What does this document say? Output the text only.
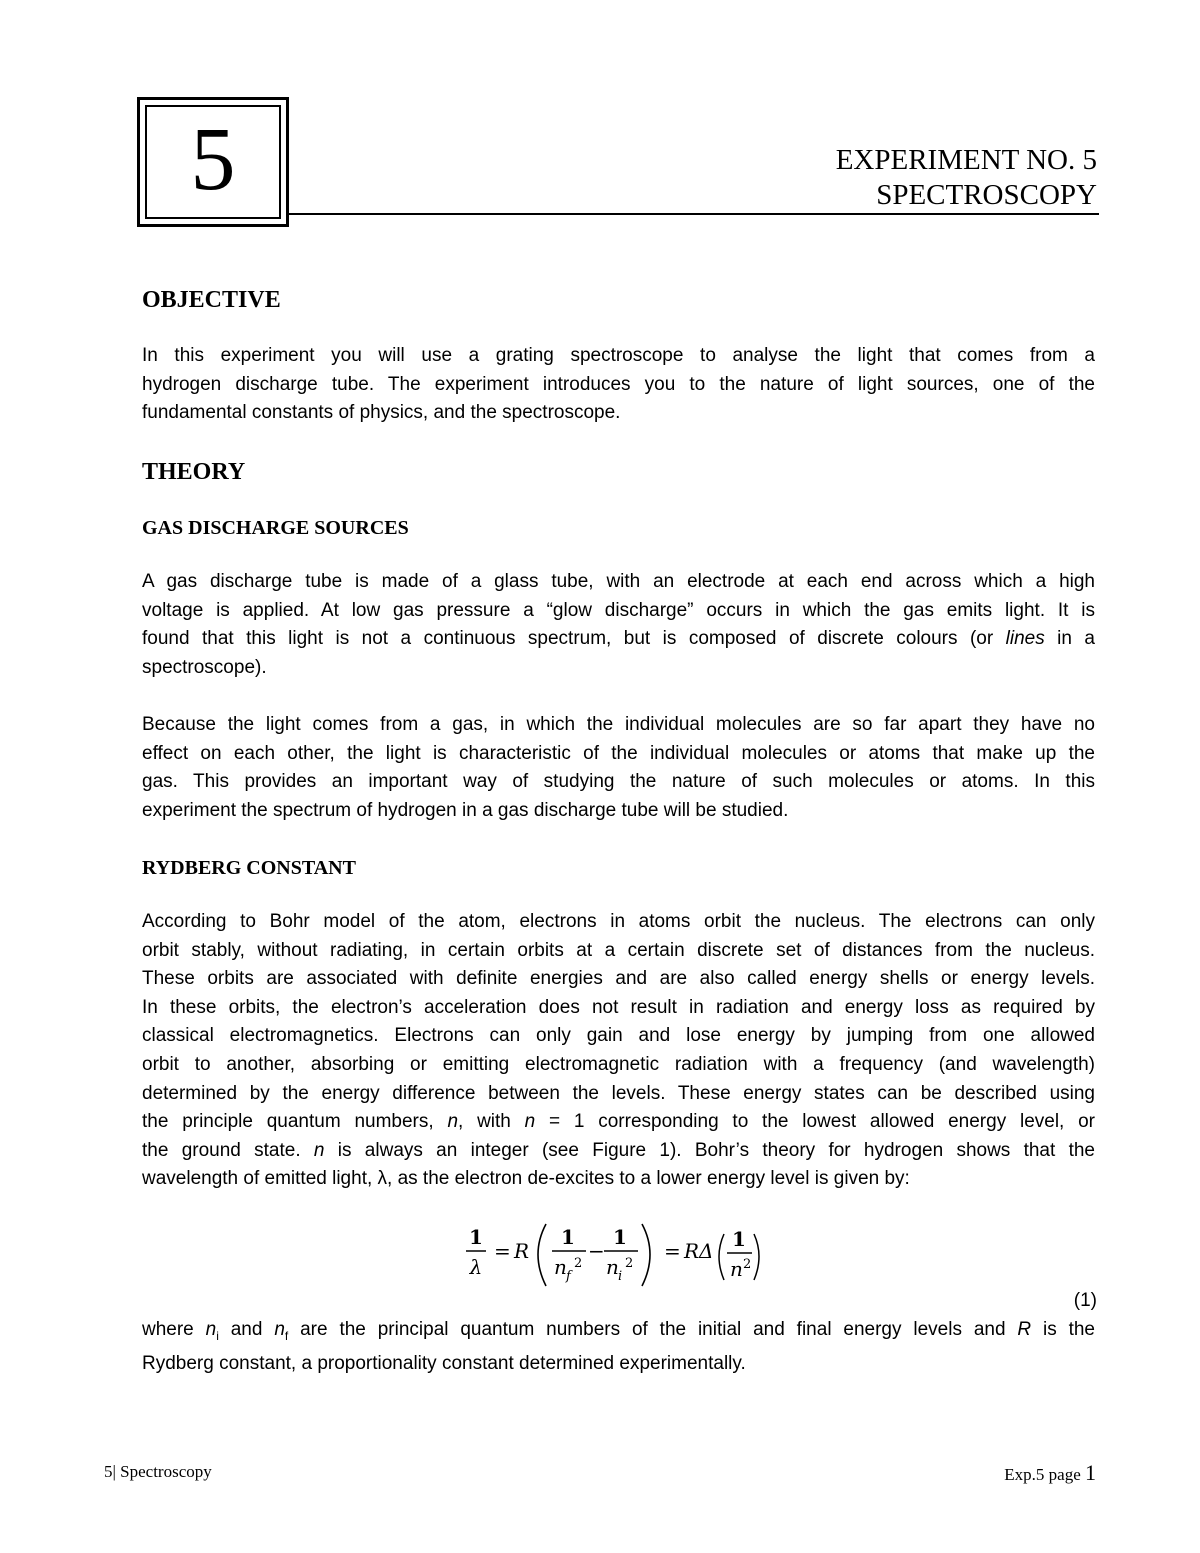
5	EXPERIMENT NO. 5
SPECTROSCOPY
OBJECTIVE
In this experiment you will use a grating spectroscope to analyse the light that comes from a
hydrogen discharge tube. The experiment introduces you to the nature of light sources, one of the
fundamental constants of physics, and the spectroscope.
THEORY
GAS DISCHARGE SOURCES
A gas discharge tube is made of a glass tube, with an electrode at each end across which a high
voltage is applied. At low gas pressure a “glow discharge” occurs in which the gas emits light. It is
found that this light is not a continuous spectrum, but is composed of discrete colours (or lines in a
spectroscope).
Because the light comes from a gas, in which the individual molecules are so far apart they have no
effect on each other, the light is characteristic of the individual molecules or atoms that make up the
gas. This provides an important way of studying the nature of such molecules or atoms. In this
experiment the spectrum of hydrogen in a gas discharge tube will be studied.
RYDBERG CONSTANT
According to Bohr model of the atom, electrons in atoms orbit the nucleus. The electrons can only
orbit stably, without radiating, in certain orbits at a certain discrete set of distances from the nucleus.
These orbits are associated with definite energies and are also called energy shells or energy levels.
In these orbits, the electron’s acceleration does not result in radiation and energy loss as required by
classical electromagnetics. Electrons can only gain and lose energy by jumping from one allowed
orbit to another, absorbing or emitting electromagnetic radiation with a frequency (and wavelength)
determined by the energy difference between the levels. These energy states can be described using
the principle quantum numbers, n, with n = 1 corresponding to the lowest allowed energy level, or
the ground state. n is always an integer (see Figure 1). Bohr’s theory for hydrogen shows that the
wavelength of emitted light, λ, as the electron de-excites to a lower energy level is given by:
1
λ
= R
1
n f
2
−
1
n i
2
= RΔ 1
n 2
(1)
where $n_i$ and $n_f$ are the principal quantum numbers of the initial and final energy levels and R is the
Rydberg constant, a proportionality constant determined experimentally.
5| Spectroscopy	Exp.5 page 1
